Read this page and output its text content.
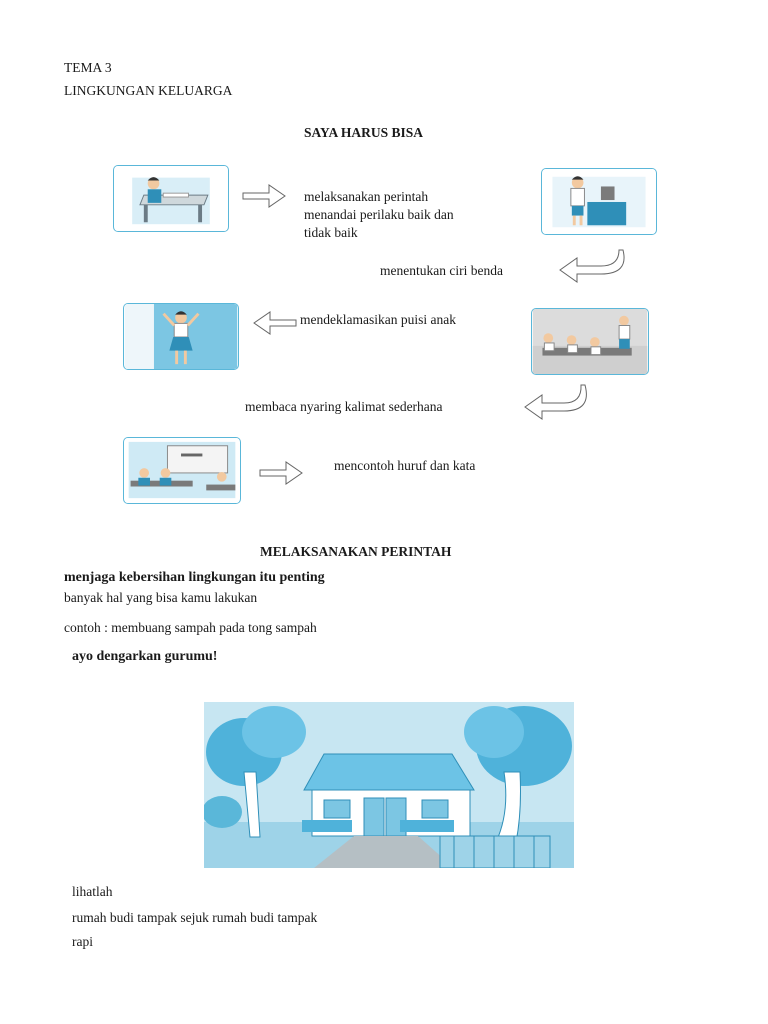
TEMA 3
LINGKUNGAN KELUARGA
SAYA HARUS BISA
melaksanakan perintah
menandai perilaku baik dan
tidak baik
menentukan ciri benda
mendeklamasikan puisi anak
membaca nyaring kalimat sederhana
mencontoh huruf dan kata
MELAKSANAKAN PERINTAH
menjaga kebersihan lingkungan itu penting
banyak hal yang bisa kamu lakukan
contoh : membuang sampah pada tong sampah
ayo dengarkan gurumu!
lihatlah
rumah budi tampak sejuk rumah budi tampak
rapi
